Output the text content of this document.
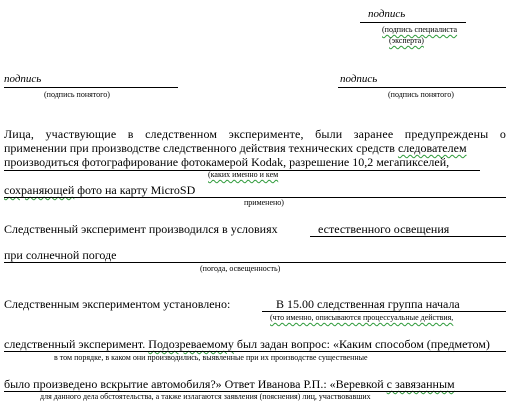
подпись
(подпись специалиста
(эксперта)
подпись
(подпись понятого)
подпись
(подпись понятого)
Лица, участвующие в следственном эксперименте, были заранее предупреждены о
применении при производстве следственного действия технических средств следователем
производиться фотографирование фотокамерой Kodak, разрешение 10,2 мегапикселей,
(каких именно и кем
сохраняющей фото на карту MicroSD
применено)
Следственный эксперимент производился в условиях	естественного освещения
при солнечной погоде
(погода, освещенность)
Следственным экспериментом установлено:	В 15.00 следственная группа начала
(что именно, описываются процессуальные действия,
следственный эксперимент. Подозреваемому был задан вопрос: «Каким способом (предметом)
в том порядке, в каком они производились, выявленные при их производстве существенные
было произведено вскрытие автомобиля?» Ответ Иванова Р.П.: «Веревкой с завязанным
для данного дела обстоятельства, а также излагаются заявления (пояснения) лиц, участвовавших
